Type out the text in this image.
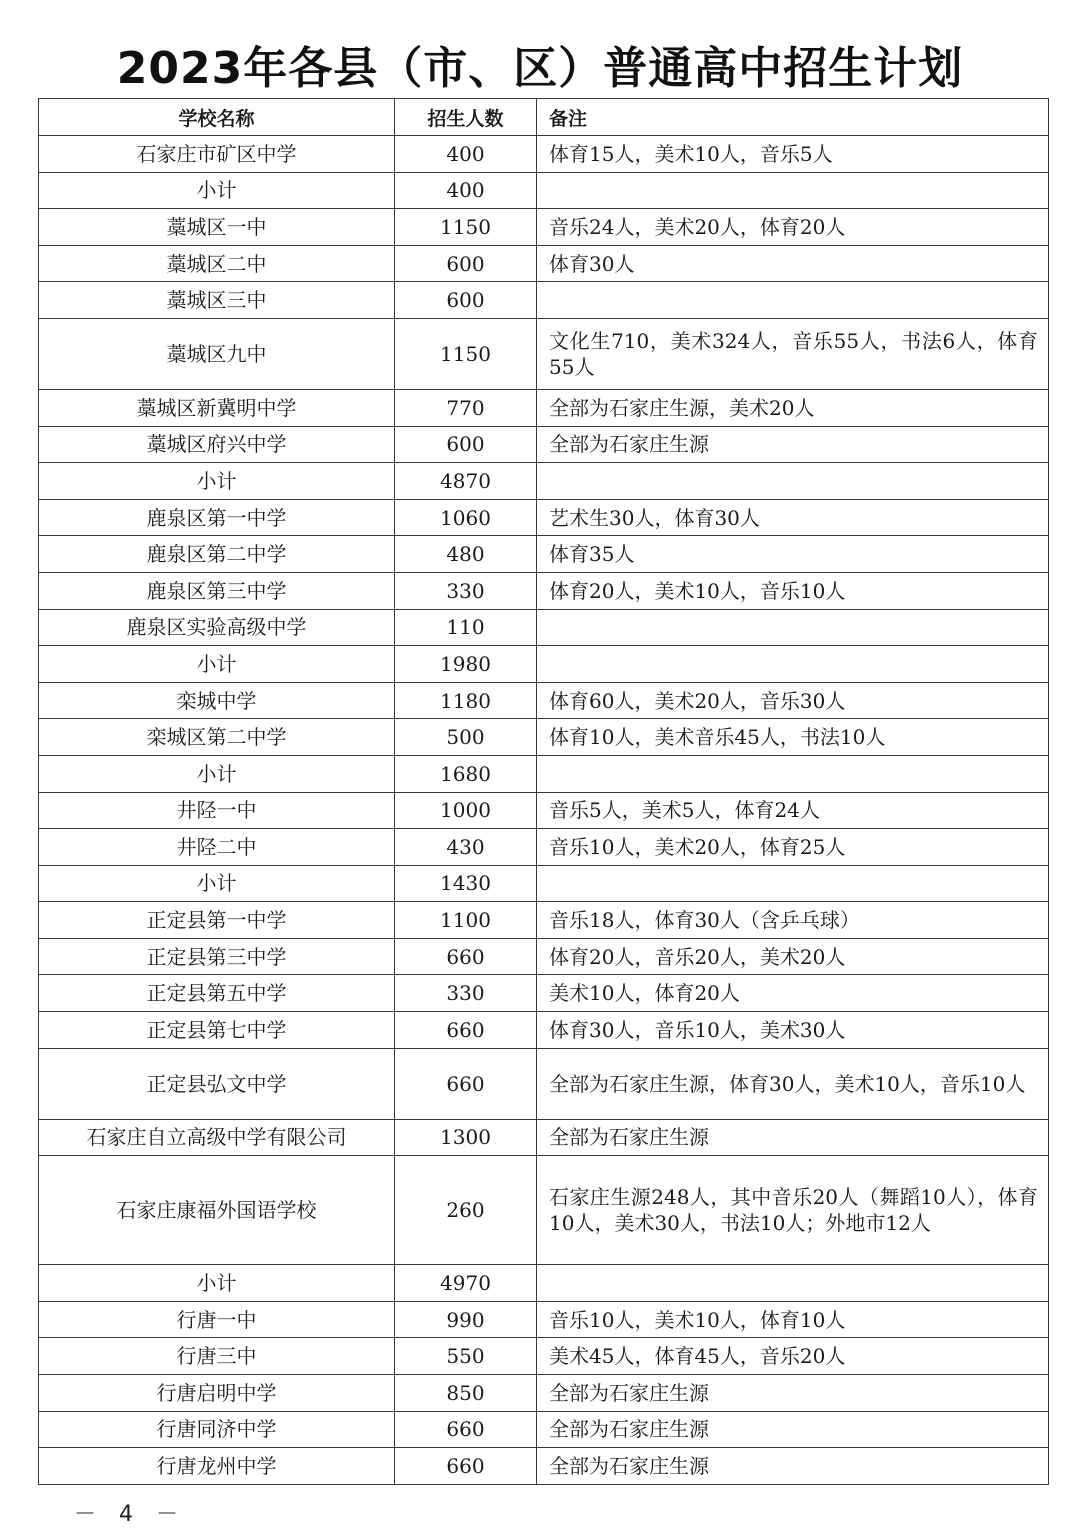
2023年各县（市、区）普通高中招生计划
学校名称	招生人数	备注
石家庄市矿区中学	400	体育15人，美术10人，音乐5人
小计	400	
藁城区一中	1150	音乐24人，美术20人，体育20人
藁城区二中	600	体育30人
藁城区三中	600	
藁城区九中	1150	文化生710，美术324人，音乐55人，书法6人，体育55人
藁城区新冀明中学	770	全部为石家庄生源，美术20人
藁城区府兴中学	600	全部为石家庄生源
小计	4870	
鹿泉区第一中学	1060	艺术生30人，体育30人
鹿泉区第二中学	480	体育35人
鹿泉区第三中学	330	体育20人，美术10人，音乐10人
鹿泉区实验高级中学	110	
小计	1980	
栾城中学	1180	体育60人，美术20人，音乐30人
栾城区第二中学	500	体育10人，美术音乐45人，书法10人
小计	1680	
井陉一中	1000	音乐5人，美术5人，体育24人
井陉二中	430	音乐10人，美术20人，体育25人
小计	1430	
正定县第一中学	1100	音乐18人，体育30人（含乒乓球）
正定县第三中学	660	体育20人，音乐20人，美术20人
正定县第五中学	330	美术10人，体育20人
正定县第七中学	660	体育30人，音乐10人，美术30人
正定县弘文中学	660	全部为石家庄生源，体育30人，美术10人，音乐10人
石家庄自立高级中学有限公司	1300	全部为石家庄生源
石家庄康福外国语学校	260	石家庄生源248人，其中音乐20人（舞蹈10人），体育10人，美术30人，书法10人；外地市12人
小计	4970	
行唐一中	990	音乐10人，美术10人，体育10人
行唐三中	550	美术45人，体育45人，音乐20人
行唐启明中学	850	全部为石家庄生源
行唐同济中学	660	全部为石家庄生源
行唐龙州中学	660	全部为石家庄生源
－ 4 －
